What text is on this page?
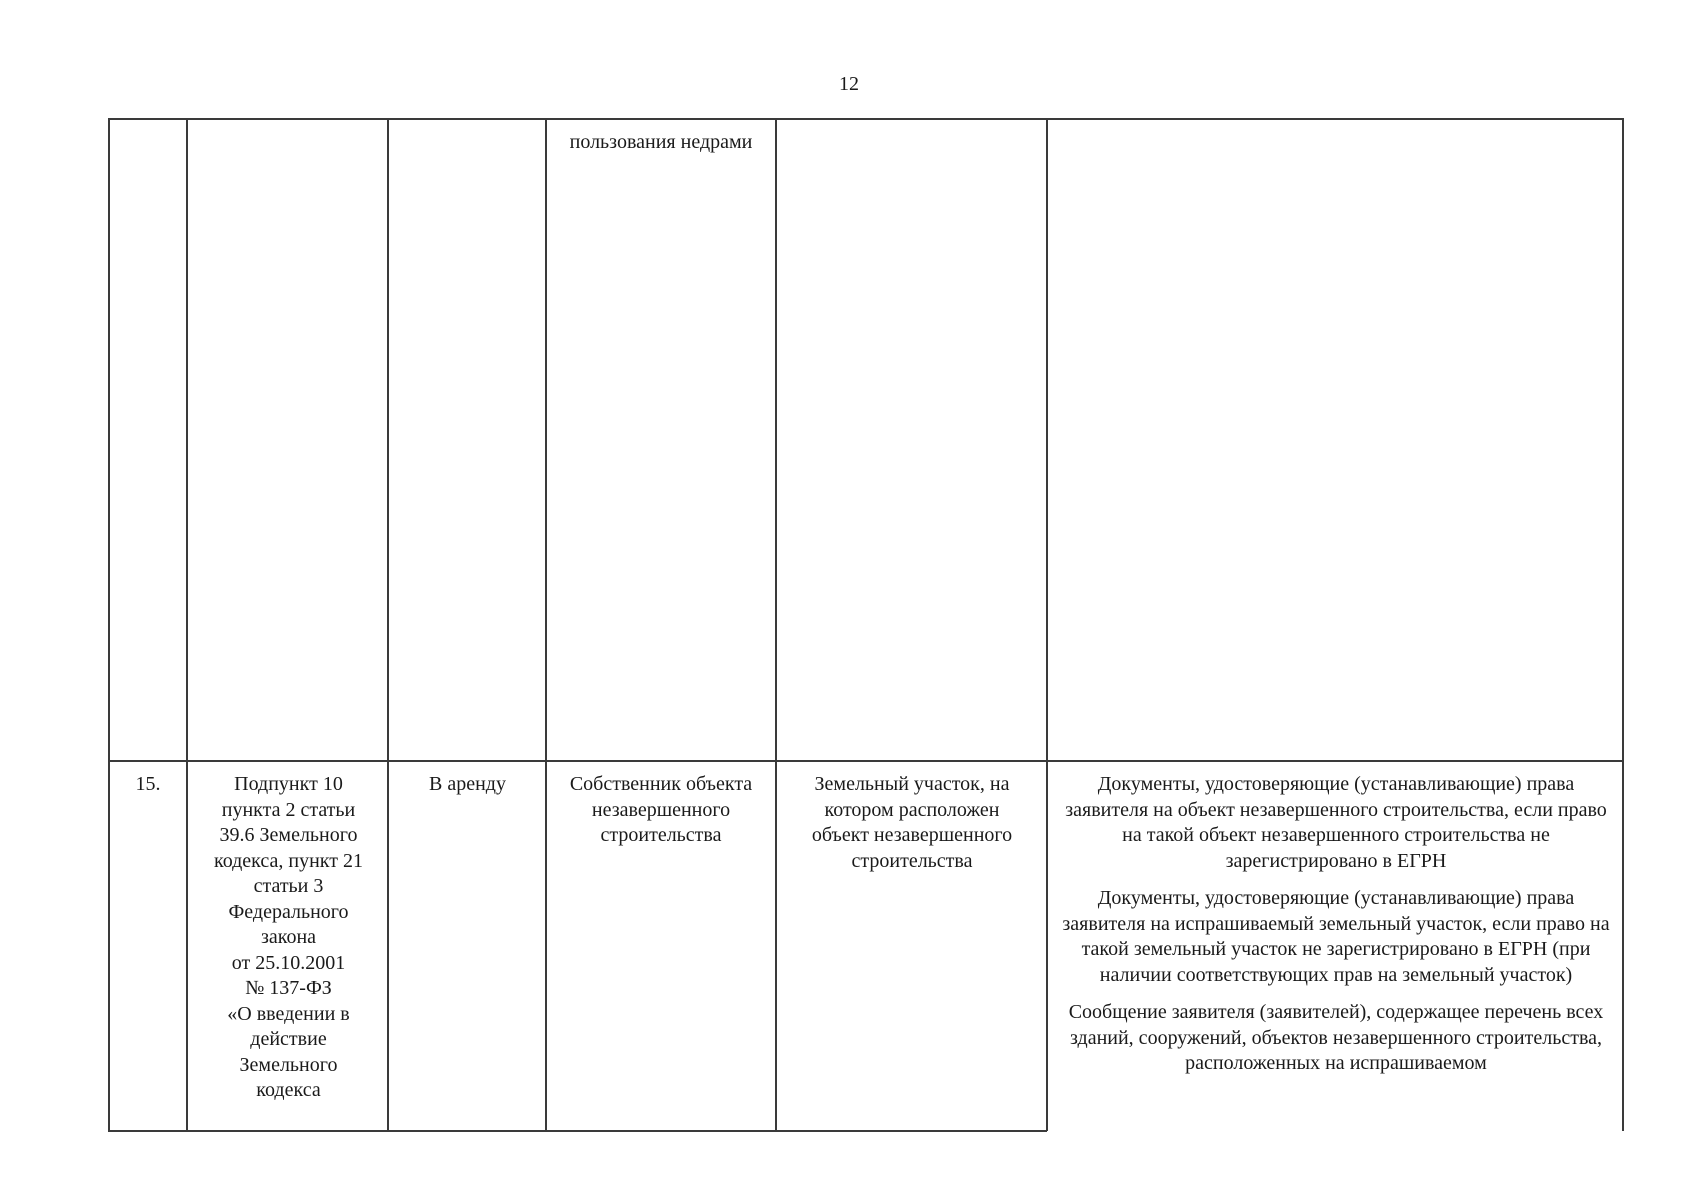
12
пользования недрами
15.	Подпункт 10
пункта 2 статьи
39.6 Земельного
кодекса, пункт 21
статьи 3
Федерального
закона
от 25.10.2001
№ 137-ФЗ
«О введении в
действие
Земельного
кодекса
В аренду	Собственник объекта
незавершенного
строительства
Земельный участок, на
котором расположен
объект незавершенного
строительства

Документы, удостоверяющие (устанавливающие) права заявителя на объект незавершенного строительства, если право на такой объект незавершенного строительства не зарегистрировано в ЕГРН

Документы, удостоверяющие (устанавливающие) права заявителя на испрашиваемый земельный участок, если право на такой земельный участок не зарегистрировано в ЕГРН (при наличии соответствующих прав на земельный участок)

Сообщение заявителя (заявителей), содержащее перечень всех зданий, сооружений, объектов незавершенного строительства, расположенных на испрашиваемом
